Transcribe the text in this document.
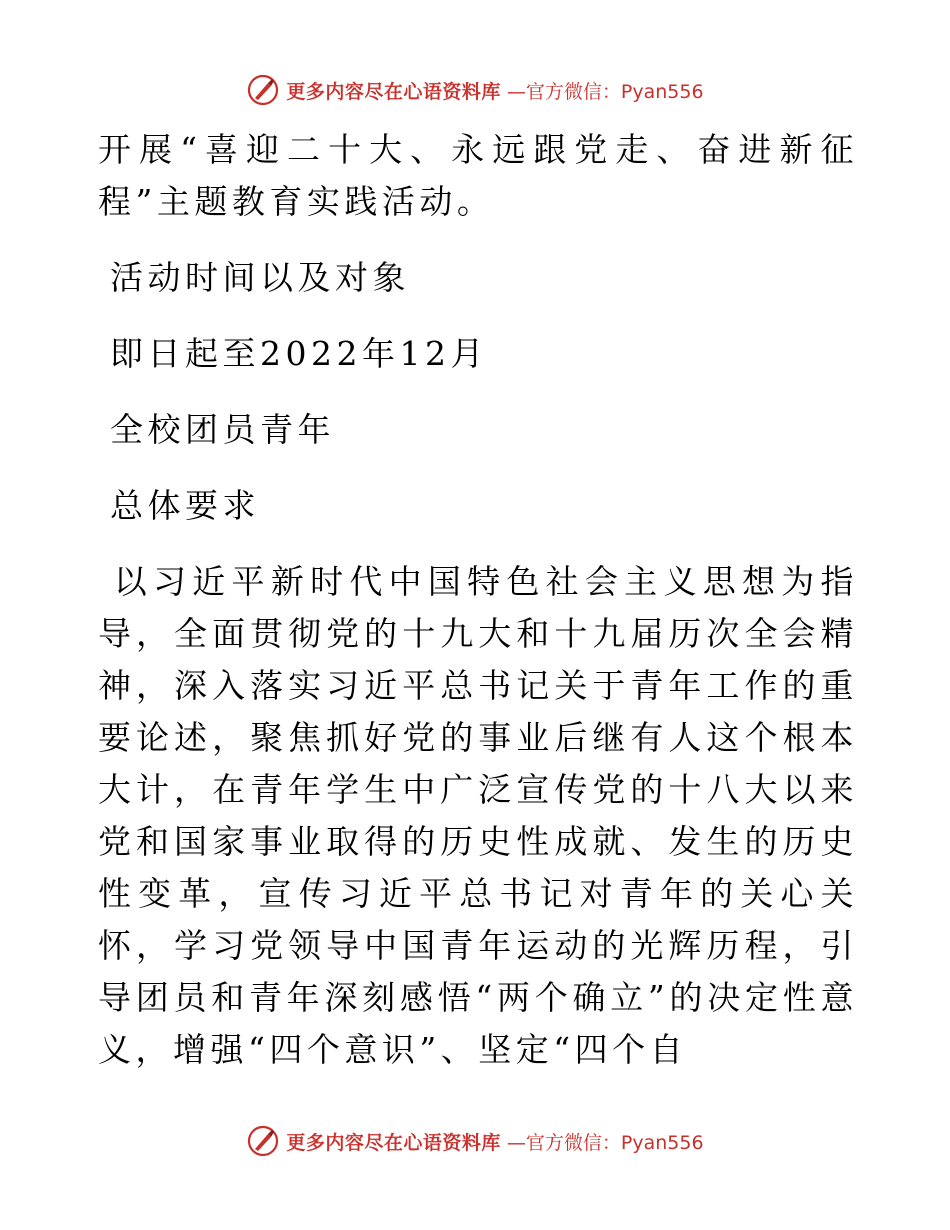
更多内容尽在心语资料库 —官方微信：Pyan556

开展“喜迎二十大、永远跟党走、奋进新征程”主题教育实践活动。

活动时间以及对象

即日起至2022年12月

全校团员青年

总体要求

以习近平新时代中国特色社会主义思想为指导，全面贯彻党的十九大和十九届历次全会精神，深入落实习近平总书记关于青年工作的重要论述，聚焦抓好党的事业后继有人这个根本大计，在青年学生中广泛宣传党的十八大以来党和国家事业取得的历史性成就、发生的历史性变革，宣传习近平总书记对青年的关心关怀，学习党领导中国青年运动的光辉历程，引导团员和青年深刻感悟“两个确立”的决定性意义，增强“四个意识”、坚定“四个自

更多内容尽在心语资料库 —官方微信：Pyan556
